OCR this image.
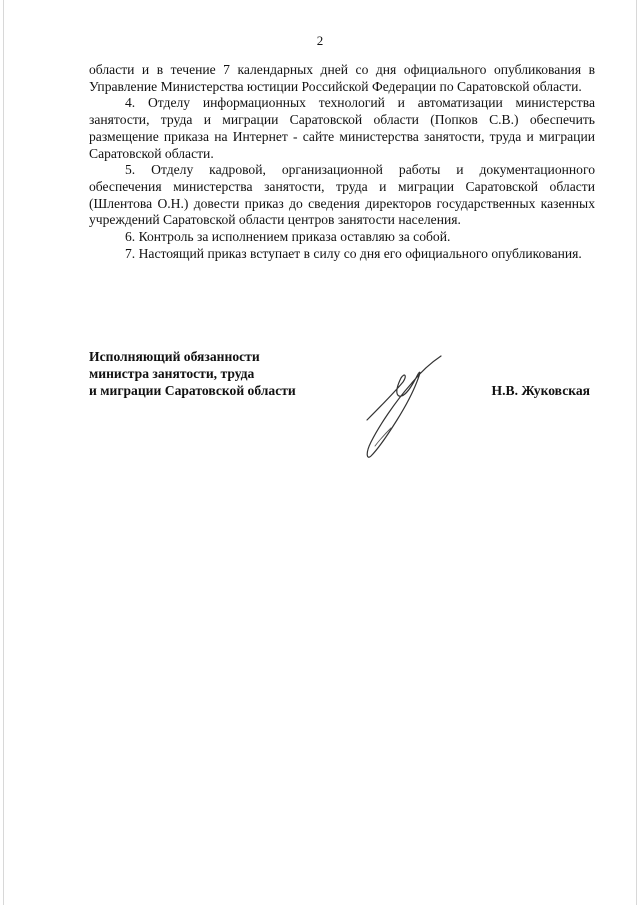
2

области и в течение 7 календарных дней со дня официального опубликования в Управление Министерства юстиции Российской Федерации по Саратовской области.

4. Отделу информационных технологий и автоматизации министерства занятости, труда и миграции Саратовской области (Попков С.В.) обеспечить размещение приказа на Интернет - сайте министерства занятости, труда и миграции Саратовской области.

5. Отделу кадровой, организационной работы и документационного обеспечения министерства занятости, труда и миграции Саратовской области (Шлентова О.Н.) довести приказ до сведения директоров государственных казенных учреждений Саратовской области центров занятости населения.

6. Контроль за исполнением приказа оставляю за собой.

7. Настоящий приказ вступает в силу со дня его официального опубликования.

Исполняющий обязанности
министра занятости, труда
и миграции Саратовской области	Н.В. Жуковская
